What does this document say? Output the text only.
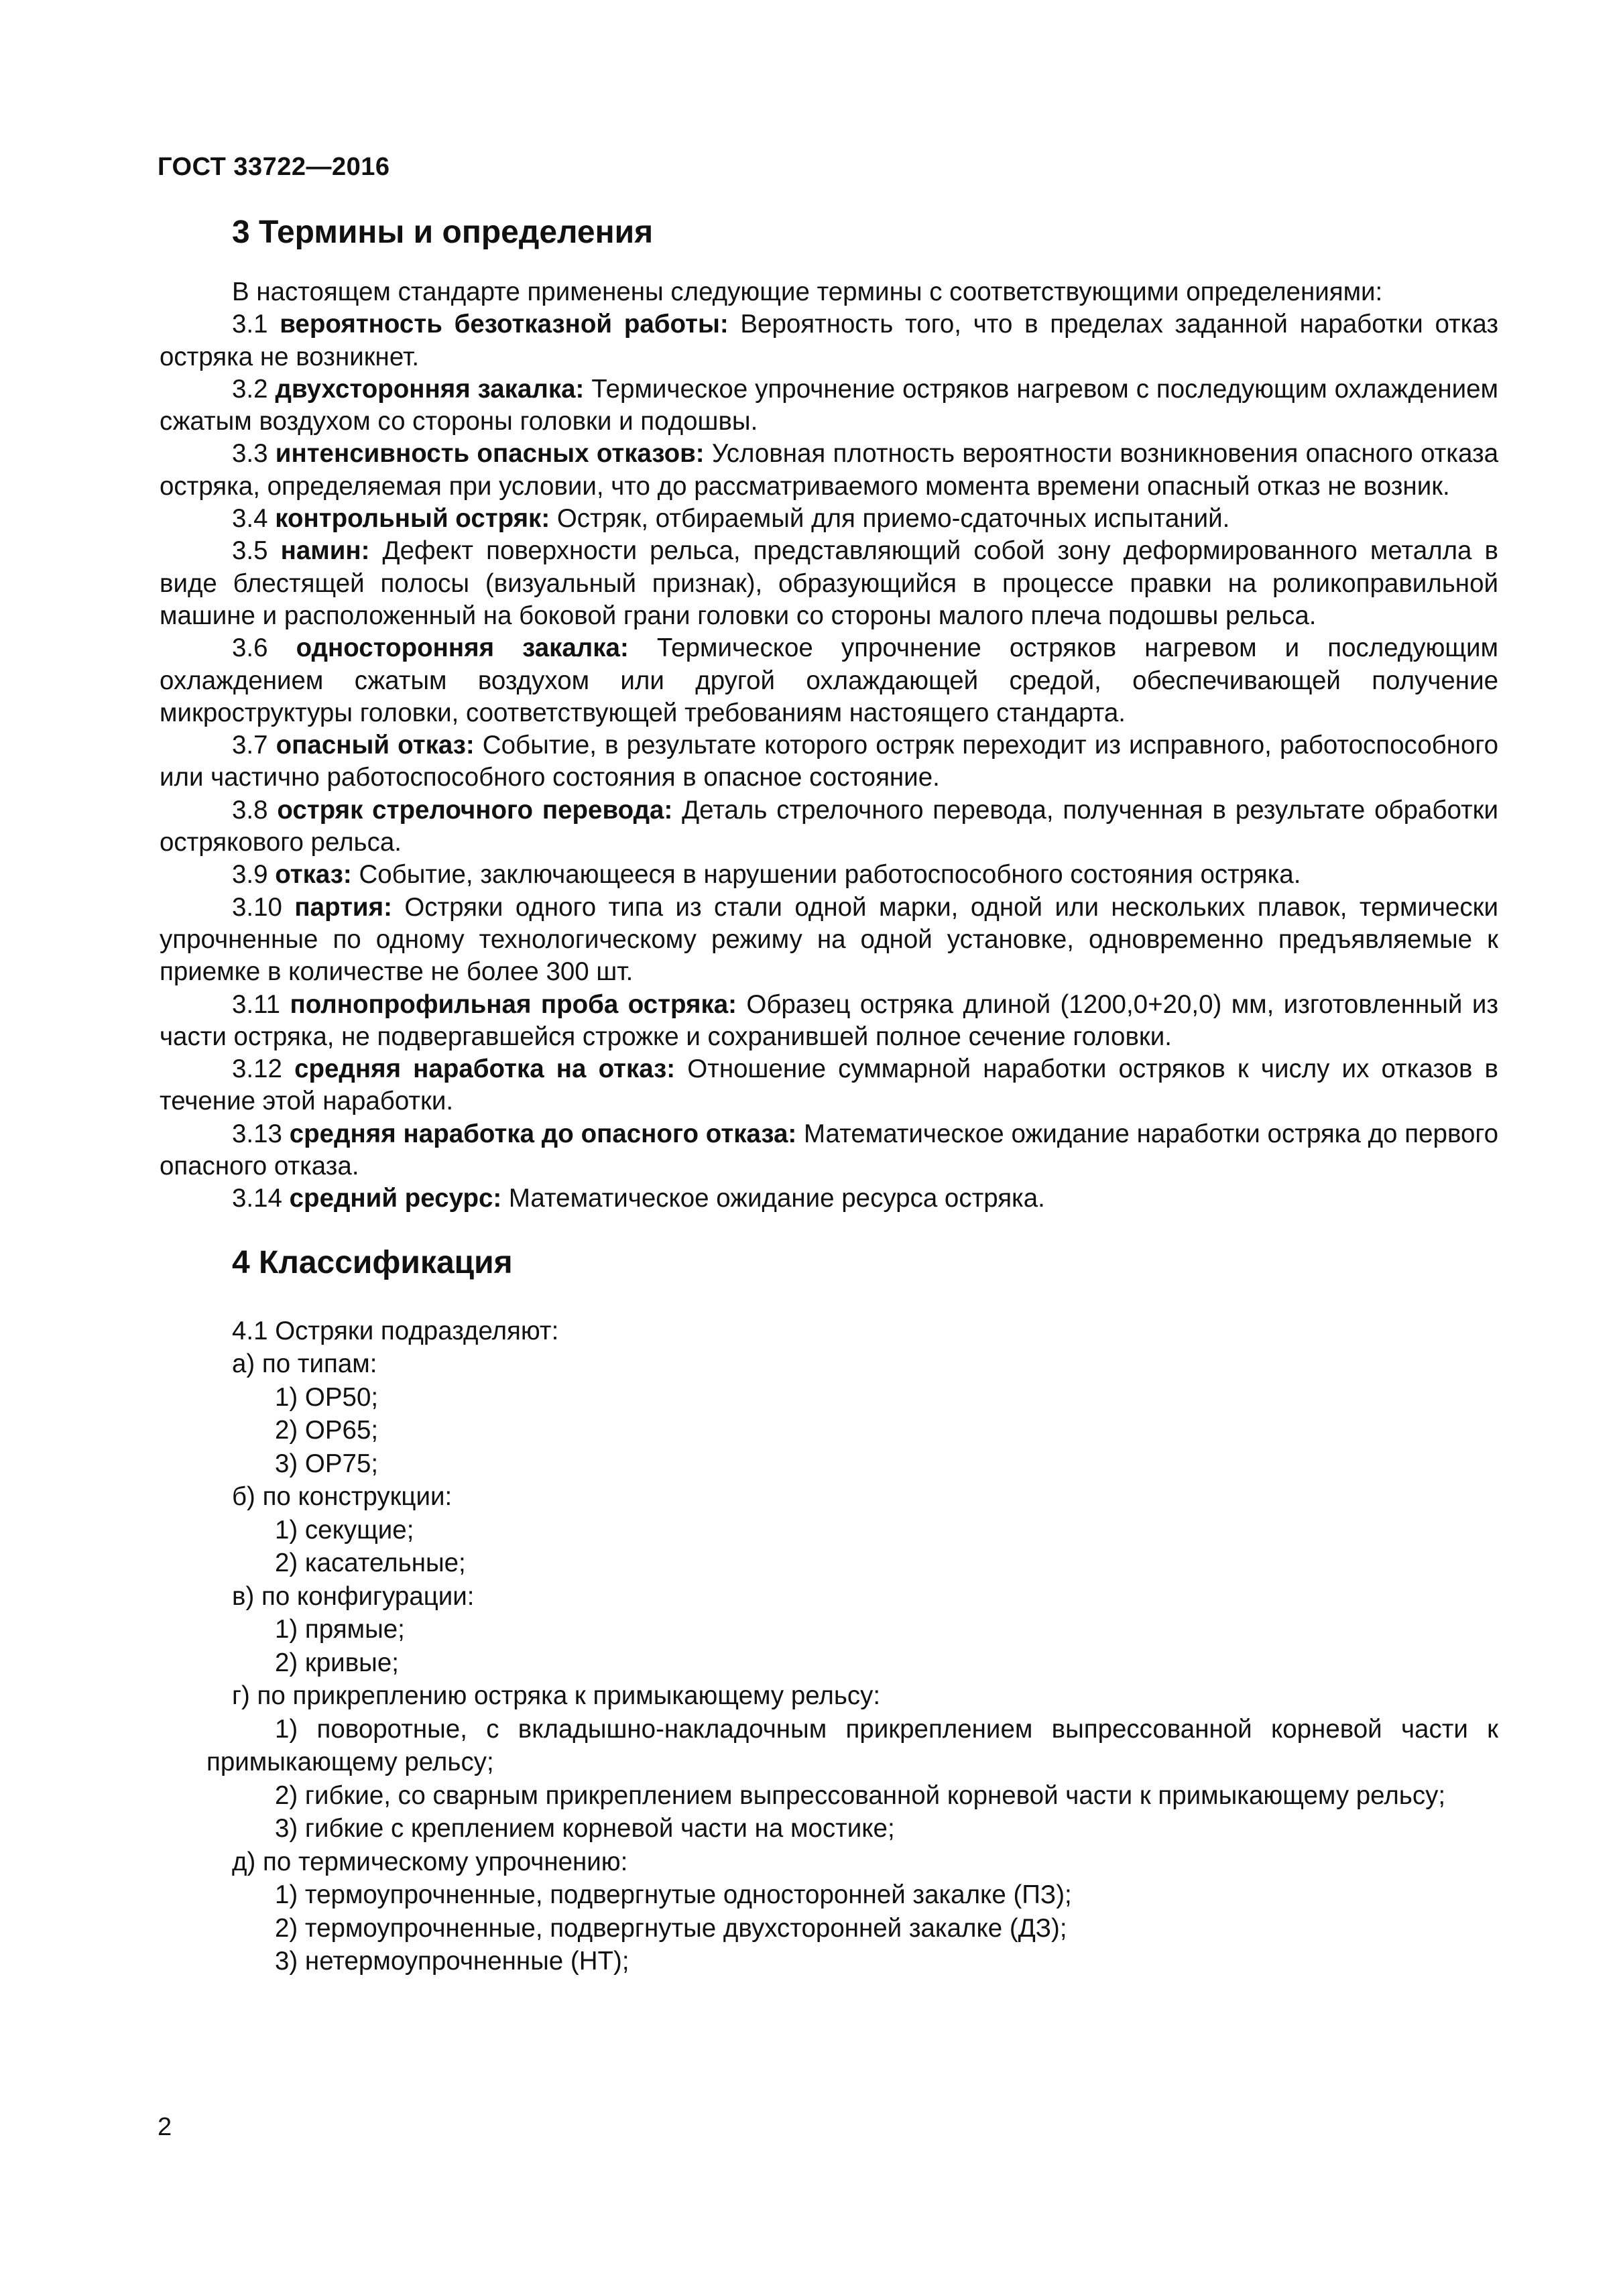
ГОСТ 33722—2016
3 Термины и определения

В настоящем стандарте применены следующие термины с соответствующими определениями:

3.1 вероятность безотказной работы: Вероятность того, что в пределах заданной наработки отказ остряка не возникнет.

3.2 двухсторонняя закалка: Термическое упрочнение остряков нагревом с последующим охлаждением сжатым воздухом со стороны головки и подошвы.

3.3 интенсивность опасных отказов: Условная плотность вероятности возникновения опасного отказа остряка, определяемая при условии, что до рассматриваемого момента времени опасный отказ не возник.

3.4 контрольный остряк: Остряк, отбираемый для приемо-сдаточных испытаний.

3.5 намин: Дефект поверхности рельса, представляющий собой зону деформированного металла в виде блестящей полосы (визуальный признак), образующийся в процессе правки на роликоправильной машине и расположенный на боковой грани головки со стороны малого плеча подошвы рельса.

3.6 односторонняя закалка: Термическое упрочнение остряков нагревом и последующим охлаждением сжатым воздухом или другой охлаждающей средой, обеспечивающей получение микроструктуры головки, соответствующей требованиям настоящего стандарта.

3.7 опасный отказ: Событие, в результате которого остряк переходит из исправного, работоспособного или частично работоспособного состояния в опасное состояние.

3.8 остряк стрелочного перевода: Деталь стрелочного перевода, полученная в результате обработки острякового рельса.

3.9 отказ: Событие, заключающееся в нарушении работоспособного состояния остряка.

3.10 партия: Остряки одного типа из стали одной марки, одной или нескольких плавок, термически упрочненные по одному технологическому режиму на одной установке, одновременно предъявляемые к приемке в количестве не более 300 шт.

3.11 полнопрофильная проба остряка: Образец остряка длиной (1200,0+20,0) мм, изготовленный из части остряка, не подвергавшейся строжке и сохранившей полное сечение головки.

3.12 средняя наработка на отказ: Отношение суммарной наработки остряков к числу их отказов в течение этой наработки.

3.13 средняя наработка до опасного отказа: Математическое ожидание наработки остряка до первого опасного отказа.

3.14 средний ресурс: Математическое ожидание ресурса остряка.

4 Классификация
4.1 Остряки подразделяют:
а) по типам:
1) ОР50;
2) ОР65;
3) ОР75;
б) по конструкции:
1) секущие;
2) касательные;
в) по конфигурации:
1) прямые;
2) кривые;
г) по прикреплению остряка к примыкающему рельсу:
1) поворотные, с вкладышно-накладочным прикреплением выпрессованной корневой части к примыкающему рельсу;
2) гибкие, со сварным прикреплением выпрессованной корневой части к примыкающему рельсу;
3) гибкие с креплением корневой части на мостике;
д) по термическому упрочнению:
1) термоупрочненные, подвергнутые односторонней закалке (ПЗ);
2) термоупрочненные, подвергнутые двухсторонней закалке (ДЗ);
3) нетермоупрочненные (НТ);
2
